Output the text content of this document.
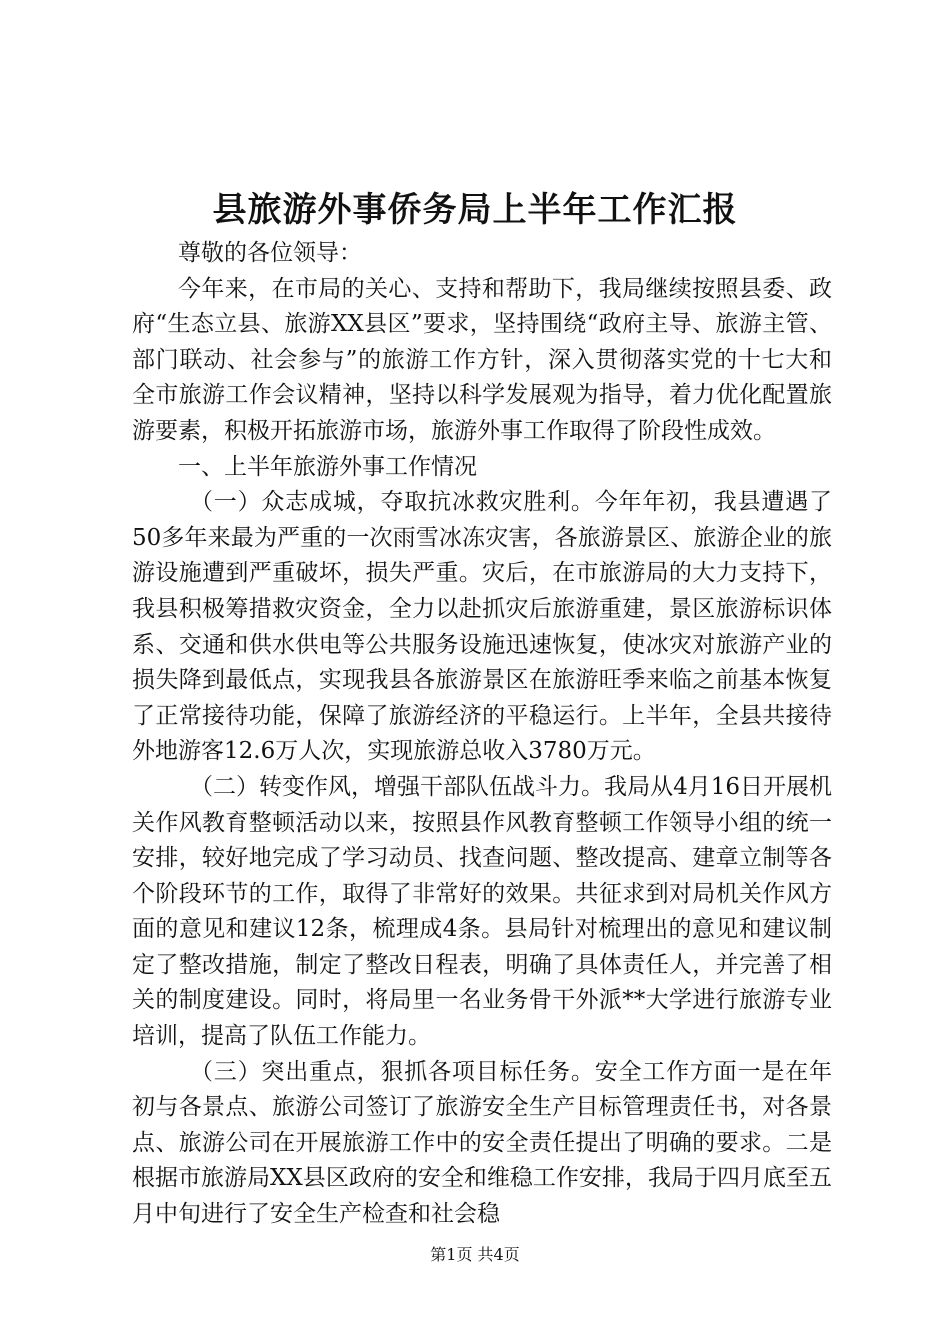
县旅游外事侨务局上半年工作汇报

尊敬的各位领导：

今年来，在市局的关心、支持和帮助下，我局继续按照县委、政府“生态立县、旅游XX县区”要求，坚持围绕“政府主导、旅游主管、部门联动、社会参与”的旅游工作方针，深入贯彻落实党的十七大和全市旅游工作会议精神，坚持以科学发展观为指导，着力优化配置旅游要素，积极开拓旅游市场，旅游外事工作取得了阶段性成效。

一、上半年旅游外事工作情况

（一）众志成城，夺取抗冰救灾胜利。今年年初，我县遭遇了50多年来最为严重的一次雨雪冰冻灾害，各旅游景区、旅游企业的旅游设施遭到严重破坏，损失严重。灾后，在市旅游局的大力支持下，我县积极筹措救灾资金，全力以赴抓灾后旅游重建，景区旅游标识体系、交通和供水供电等公共服务设施迅速恢复，使冰灾对旅游产业的损失降到最低点，实现我县各旅游景区在旅游旺季来临之前基本恢复了正常接待功能，保障了旅游经济的平稳运行。上半年，全县共接待外地游客12.6万人次，实现旅游总收入3780万元。

（二）转变作风，增强干部队伍战斗力。我局从4月16日开展机关作风教育整顿活动以来，按照县作风教育整顿工作领导小组的统一安排，较好地完成了学习动员、找查问题、整改提高、建章立制等各个阶段环节的工作，取得了非常好的效果。共征求到对局机关作风方面的意见和建议12条，梳理成4条。县局针对梳理出的意见和建议制定了整改措施，制定了整改日程表，明确了具体责任人，并完善了相关的制度建设。同时，将局里一名业务骨干外派**大学进行旅游专业培训，提高了队伍工作能力。

（三）突出重点，狠抓各项目标任务。安全工作方面一是在年初与各景点、旅游公司签订了旅游安全生产目标管理责任书，对各景点、旅游公司在开展旅游工作中的安全责任提出了明确的要求。二是根据市旅游局XX县区政府的安全和维稳工作安排，我局于四月底至五月中旬进行了安全生产检查和社会稳

第1页 共4页
